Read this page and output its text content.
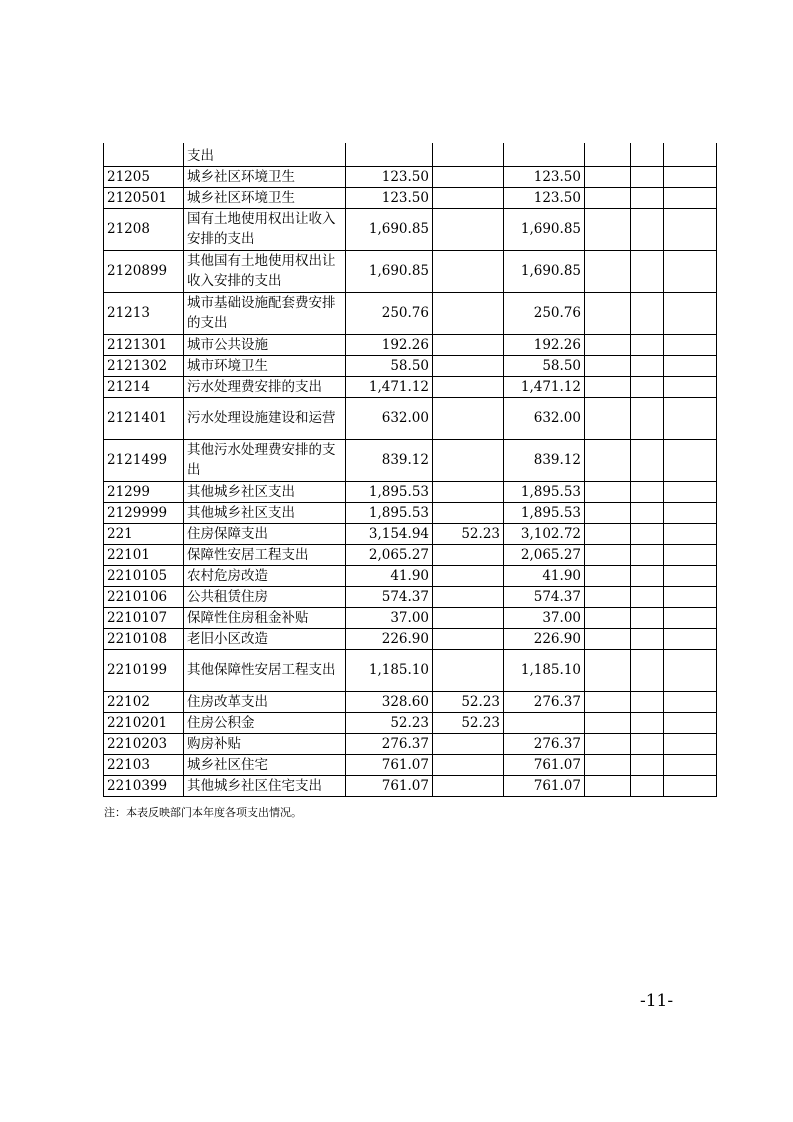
	支出						
21205	城乡社区环境卫生	123.50		123.50			
2120501	城乡社区环境卫生	123.50		123.50			
21208	国有土地使用权出让收入安排的支出	1,690.85		1,690.85			
2120899	其他国有土地使用权出让收入安排的支出	1,690.85		1,690.85			
21213	城市基础设施配套费安排的支出	250.76		250.76			
2121301	城市公共设施	192.26		192.26			
2121302	城市环境卫生	58.50		58.50			
21214	污水处理费安排的支出	1,471.12		1,471.12			
2121401	污水处理设施建设和运营	632.00		632.00			
2121499	其他污水处理费安排的支出	839.12		839.12			
21299	其他城乡社区支出	1,895.53		1,895.53			
2129999	其他城乡社区支出	1,895.53		1,895.53			
221	住房保障支出	3,154.94	52.23	3,102.72			
22101	保障性安居工程支出	2,065.27		2,065.27			
2210105	农村危房改造	41.90		41.90			
2210106	公共租赁住房	574.37		574.37			
2210107	保障性住房租金补贴	37.00		37.00			
2210108	老旧小区改造	226.90		226.90			
2210199	其他保障性安居工程支出	1,185.10		1,185.10			
22102	住房改革支出	328.60	52.23	276.37			
2210201	住房公积金	52.23	52.23				
2210203	购房补贴	276.37		276.37			
22103	城乡社区住宅	761.07		761.07			
2210399	其他城乡社区住宅支出	761.07		761.07			
注：本表反映部门本年度各项支出情况。
-11-
